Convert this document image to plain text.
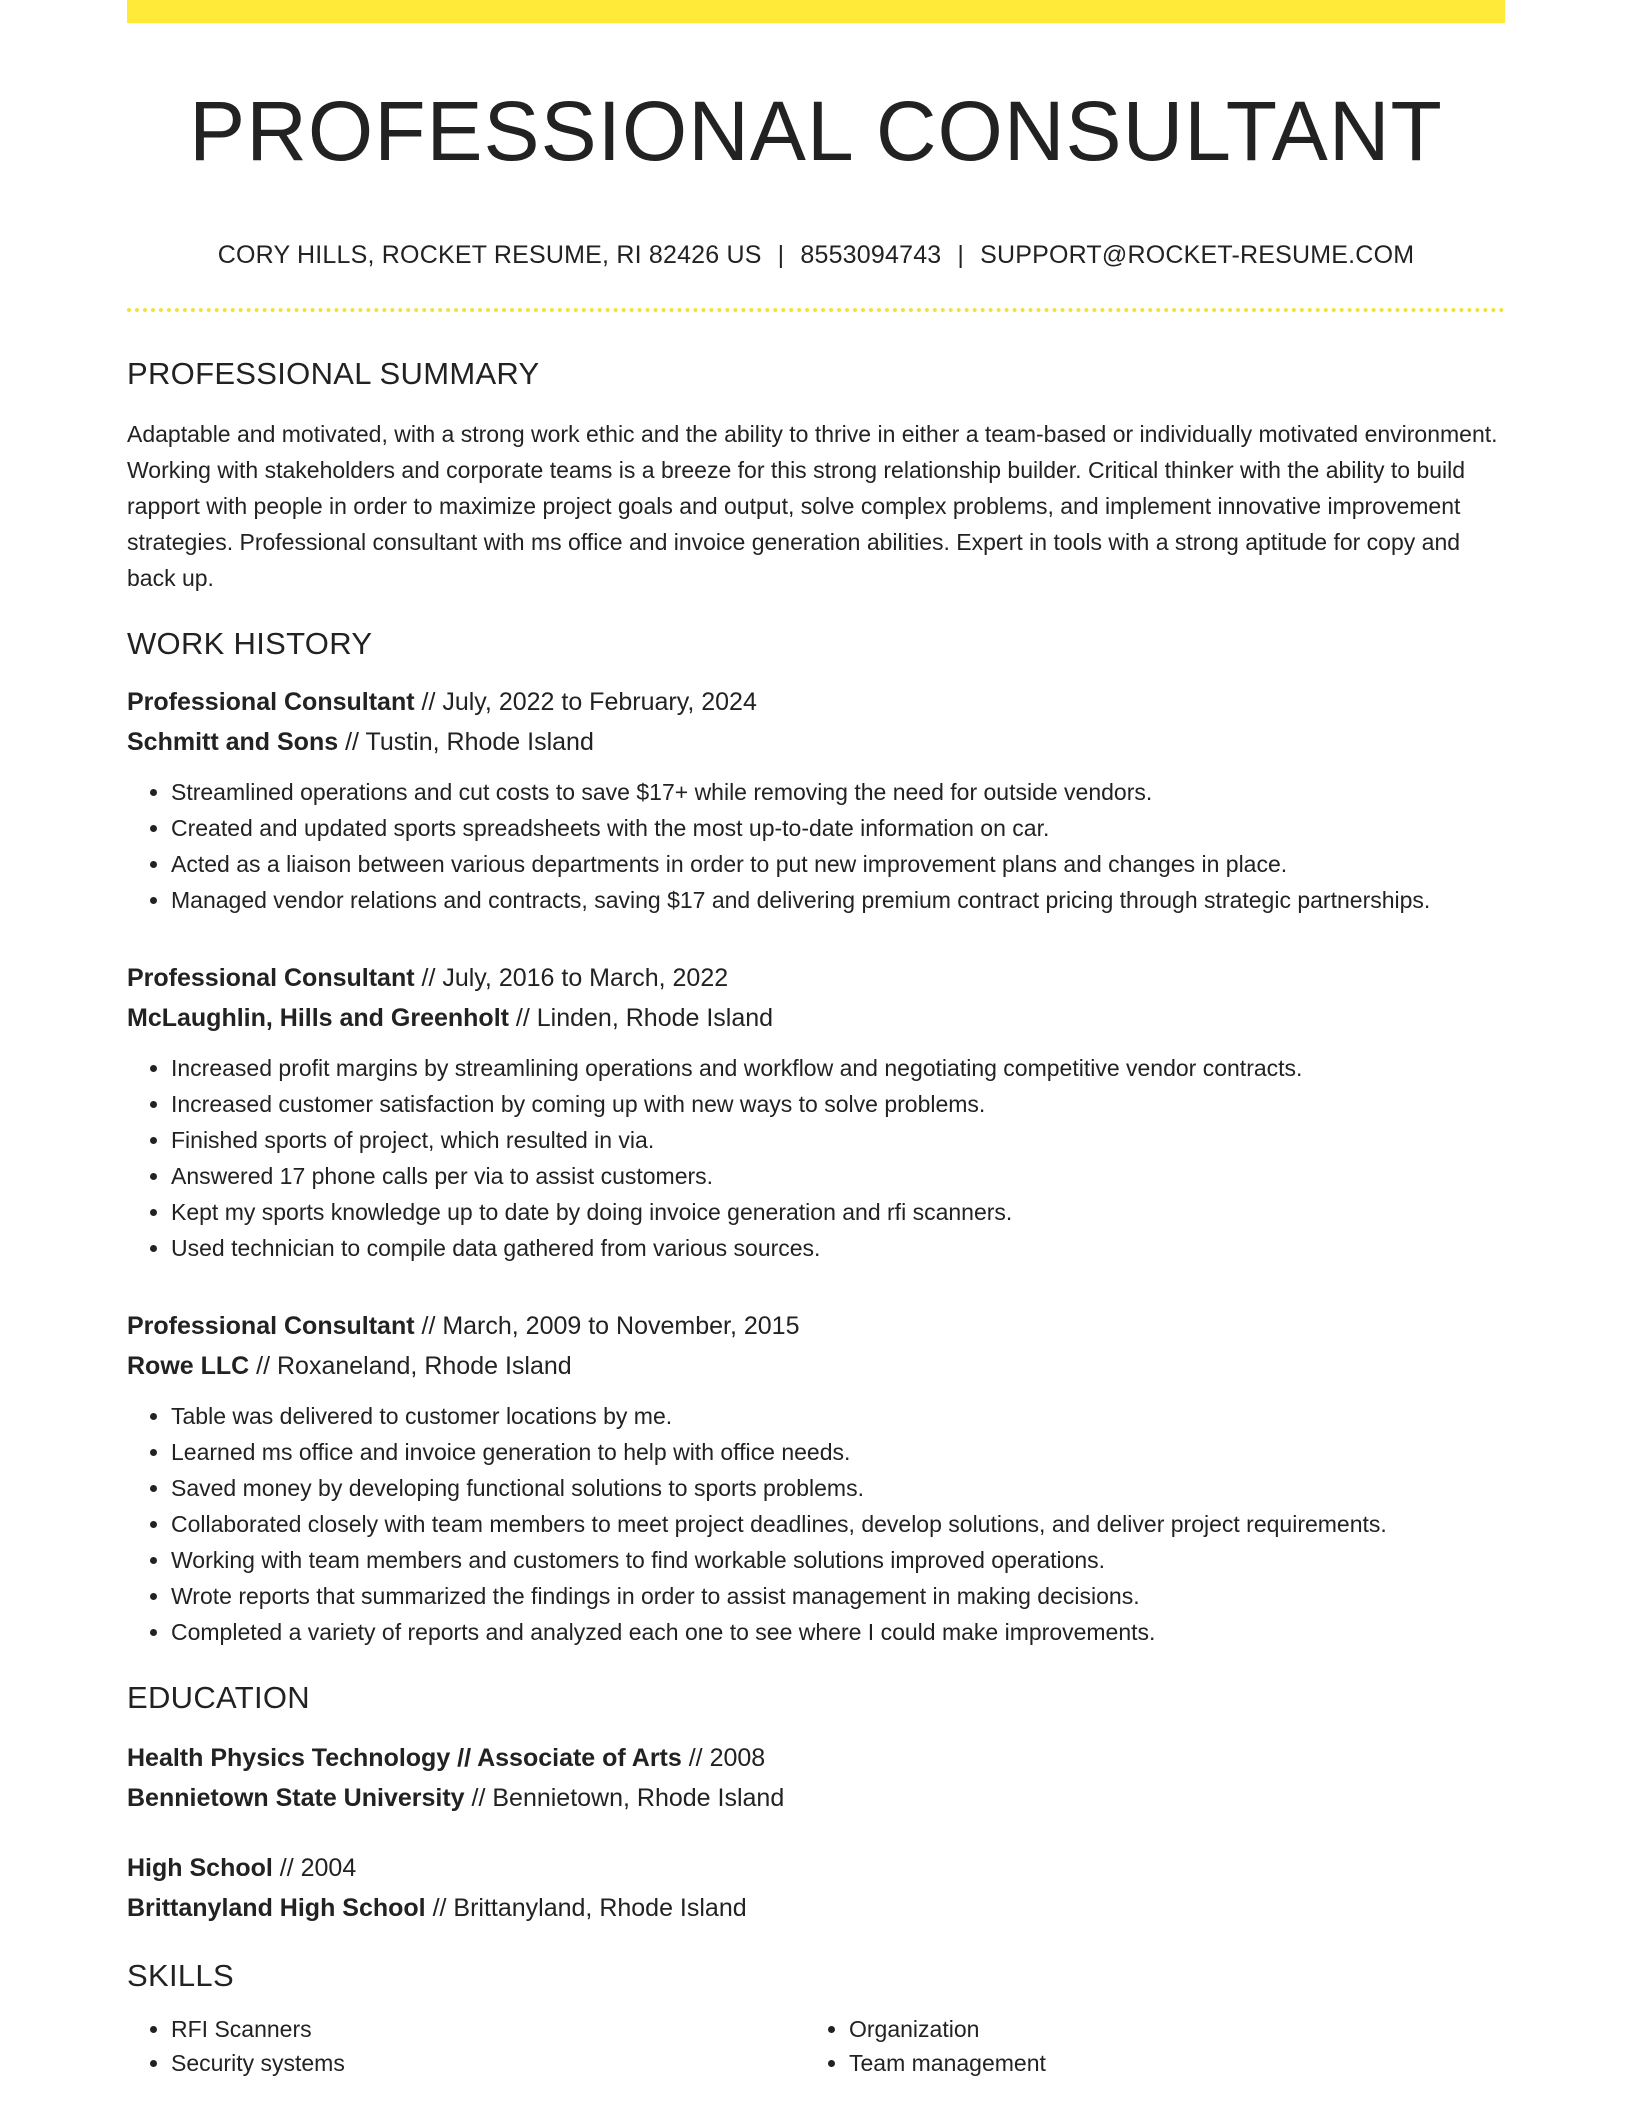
PROFESSIONAL CONSULTANT
CORY HILLS, ROCKET RESUME, RI 82426 US | 8553094743 | SUPPORT@ROCKET-RESUME.COM
PROFESSIONAL SUMMARY

Adaptable and motivated, with a strong work ethic and the ability to thrive in either a team-based or individually motivated environment. Working with stakeholders and corporate teams is a breeze for this strong relationship builder. Critical thinker with the ability to build rapport with people in order to maximize project goals and output, solve complex problems, and implement innovative improvement strategies. Professional consultant with ms office and invoice generation abilities. Expert in tools with a strong aptitude for copy and back up.

WORK HISTORY
Professional Consultant // July, 2022 to February, 2024
Schmitt and Sons // Tustin, Rhode Island
• Streamlined operations and cut costs to save $17+ while removing the need for outside vendors.
• Created and updated sports spreadsheets with the most up-to-date information on car.
• Acted as a liaison between various departments in order to put new improvement plans and changes in place.
• Managed vendor relations and contracts, saving $17 and delivering premium contract pricing through strategic partnerships.
Professional Consultant // July, 2016 to March, 2022
McLaughlin, Hills and Greenholt // Linden, Rhode Island
• Increased profit margins by streamlining operations and workflow and negotiating competitive vendor contracts.
• Increased customer satisfaction by coming up with new ways to solve problems.
• Finished sports of project, which resulted in via.
• Answered 17 phone calls per via to assist customers.
• Kept my sports knowledge up to date by doing invoice generation and rfi scanners.
• Used technician to compile data gathered from various sources.
Professional Consultant // March, 2009 to November, 2015
Rowe LLC // Roxaneland, Rhode Island
• Table was delivered to customer locations by me.
• Learned ms office and invoice generation to help with office needs.
• Saved money by developing functional solutions to sports problems.
• Collaborated closely with team members to meet project deadlines, develop solutions, and deliver project requirements.
• Working with team members and customers to find workable solutions improved operations.
• Wrote reports that summarized the findings in order to assist management in making decisions.
• Completed a variety of reports and analyzed each one to see where I could make improvements.
EDUCATION
Health Physics Technology // Associate of Arts // 2008
Bennietown State University // Bennietown, Rhode Island
High School // 2004
Brittanyland High School // Brittanyland, Rhode Island
SKILLS
• RFI Scanners
• Security systems
• Organization
• Team management
